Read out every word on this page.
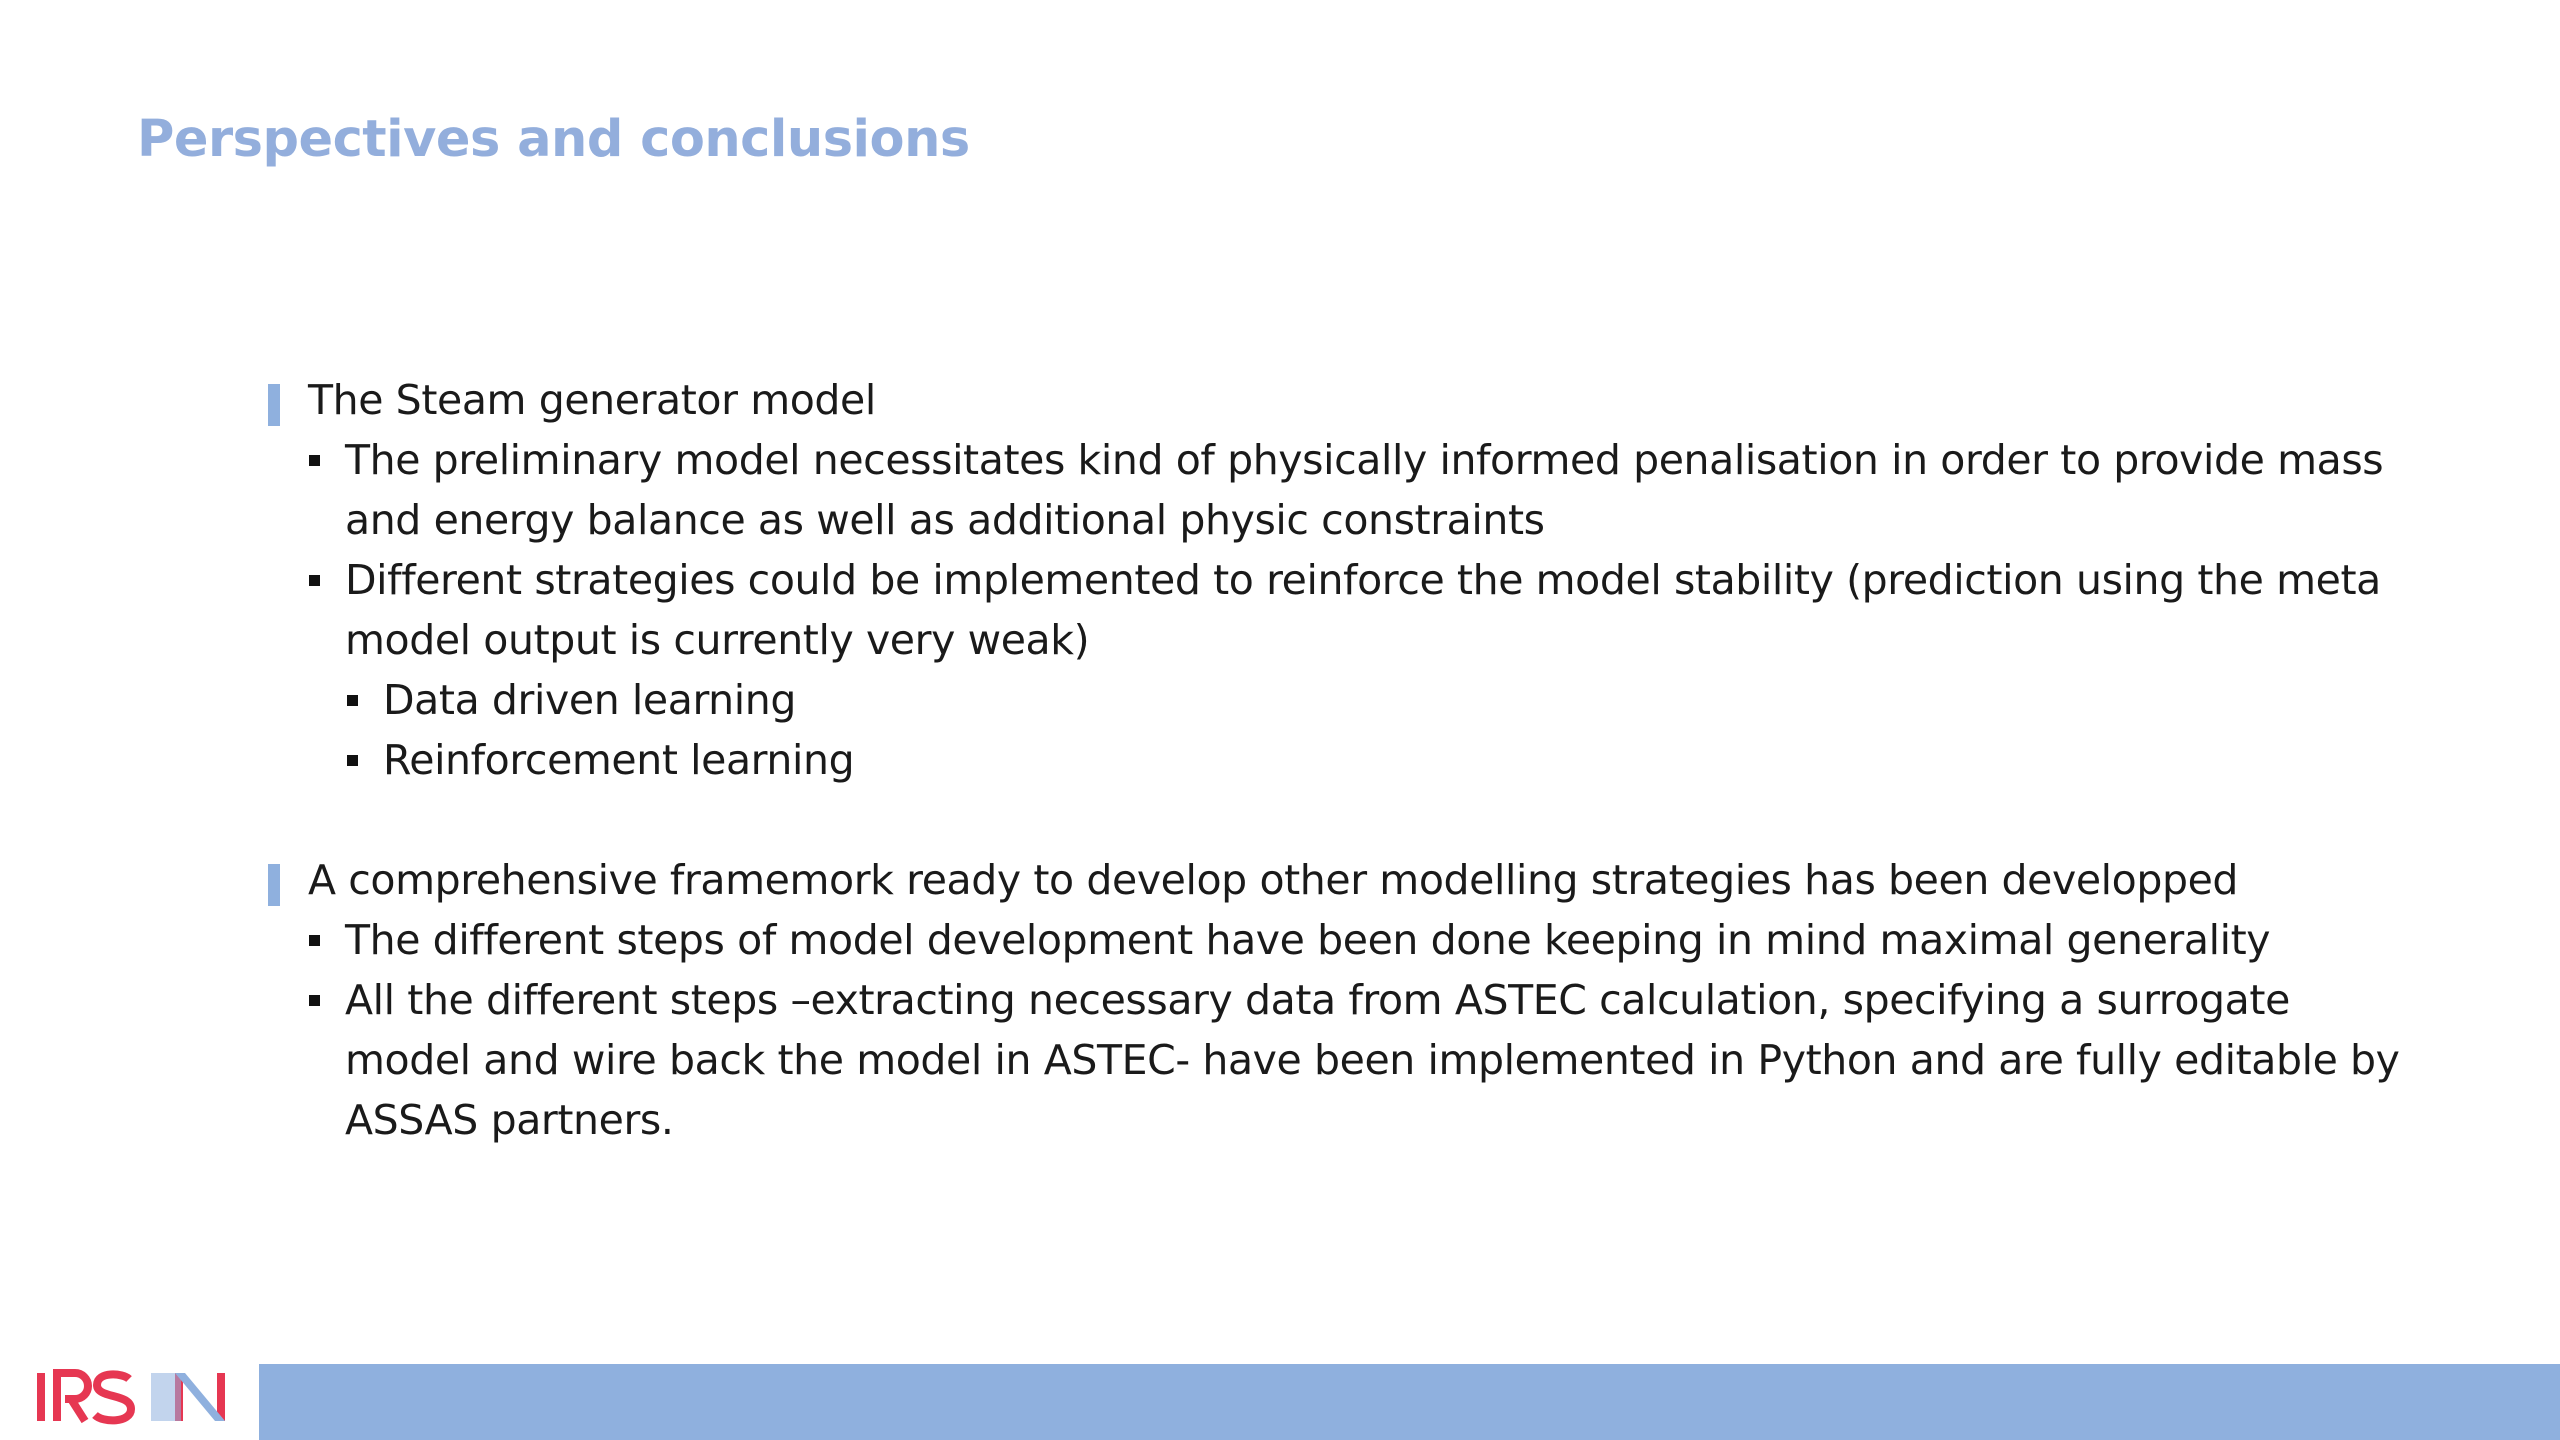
Perspectives and conclusions
The Steam generator model
The preliminary model necessitates kind of physically informed penalisation in order to provide mass and energy balance as well as additional physic constraints
Different strategies could be implemented to reinforce the model stability (prediction using the meta model output is currently very weak)
Data driven learning
Reinforcement learning
A comprehensive framemork ready to develop other modelling strategies has been developped
The different steps of model development have been done keeping in mind maximal generality
All the different steps –extracting necessary data from ASTEC calculation, specifying a surrogate model and wire back the model in ASTEC- have been implemented in Python and are fully editable by ASSAS partners.
